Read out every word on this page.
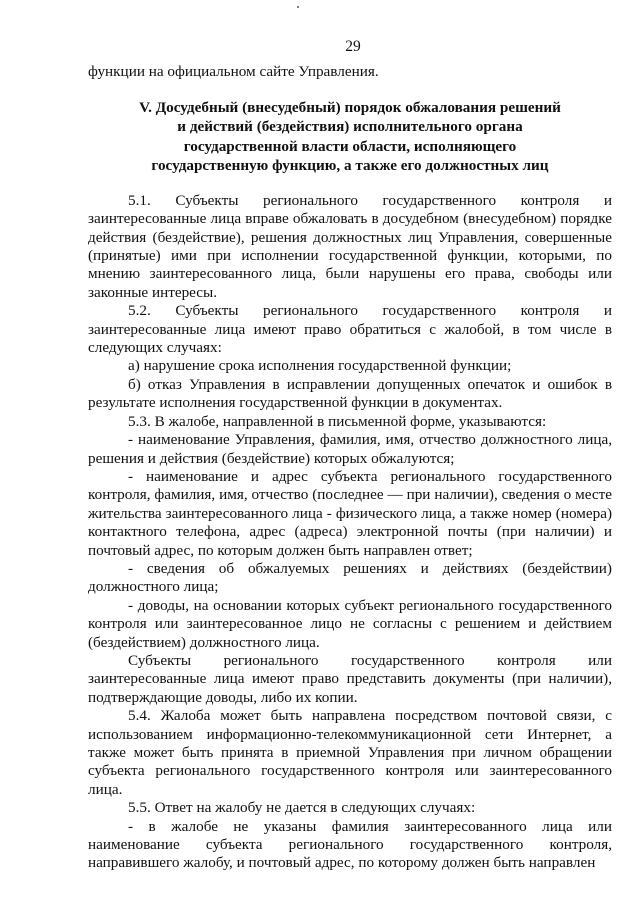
29

функции на официальном сайте Управления.

V. Досудебный (внесудебный) порядок обжалования решений
и действий (бездействия) исполнительного органа
государственной власти области, исполняющего
государственную функцию, а также его должностных лиц

5.1. Субъекты регионального государственного контроля и заинтересованные лица вправе обжаловать в досудебном (внесудебном) порядке действия (бездействие), решения должностных лиц Управления, совершенные (принятые) ими при исполнении государственной функции, которыми, по мнению заинтересованного лица, были нарушены его права, свободы или законные интересы.

5.2. Субъекты регионального государственного контроля и заинтересованные лица имеют право обратиться с жалобой, в том числе в следующих случаях:

а) нарушение срока исполнения государственной функции;

б) отказ Управления в исправлении допущенных опечаток и ошибок в результате исполнения государственной функции в документах.

5.3. В жалобе, направленной в письменной форме, указываются:

- наименование Управления, фамилия, имя, отчество должностного лица, решения и действия (бездействие) которых обжалуются;

- наименование и адрес субъекта регионального государственного контроля, фамилия, имя, отчество (последнее — при наличии), сведения о месте жительства заинтересованного лица - физического лица, а также номер (номера) контактного телефона, адрес (адреса) электронной почты (при наличии) и почтовый адрес, по которым должен быть направлен ответ;

- сведения об обжалуемых решениях и действиях (бездействии) должностного лица;

- доводы, на основании которых субъект регионального государственного контроля или заинтересованное лицо не согласны с решением и действием (бездействием) должностного лица.

Субъекты регионального государственного контроля или заинтересованные лица имеют право представить документы (при наличии), подтверждающие доводы, либо их копии.

5.4. Жалоба может быть направлена посредством почтовой связи, с использованием информационно-телекоммуникационной сети Интернет, а также может быть принята в приемной Управления при личном обращении субъекта регионального государственного контроля или заинтересованного лица.

5.5. Ответ на жалобу не дается в следующих случаях:

- в жалобе не указаны фамилия заинтересованного лица или наименование субъекта регионального государственного контроля, направившего жалобу, и почтовый адрес, по которому должен быть направлен
